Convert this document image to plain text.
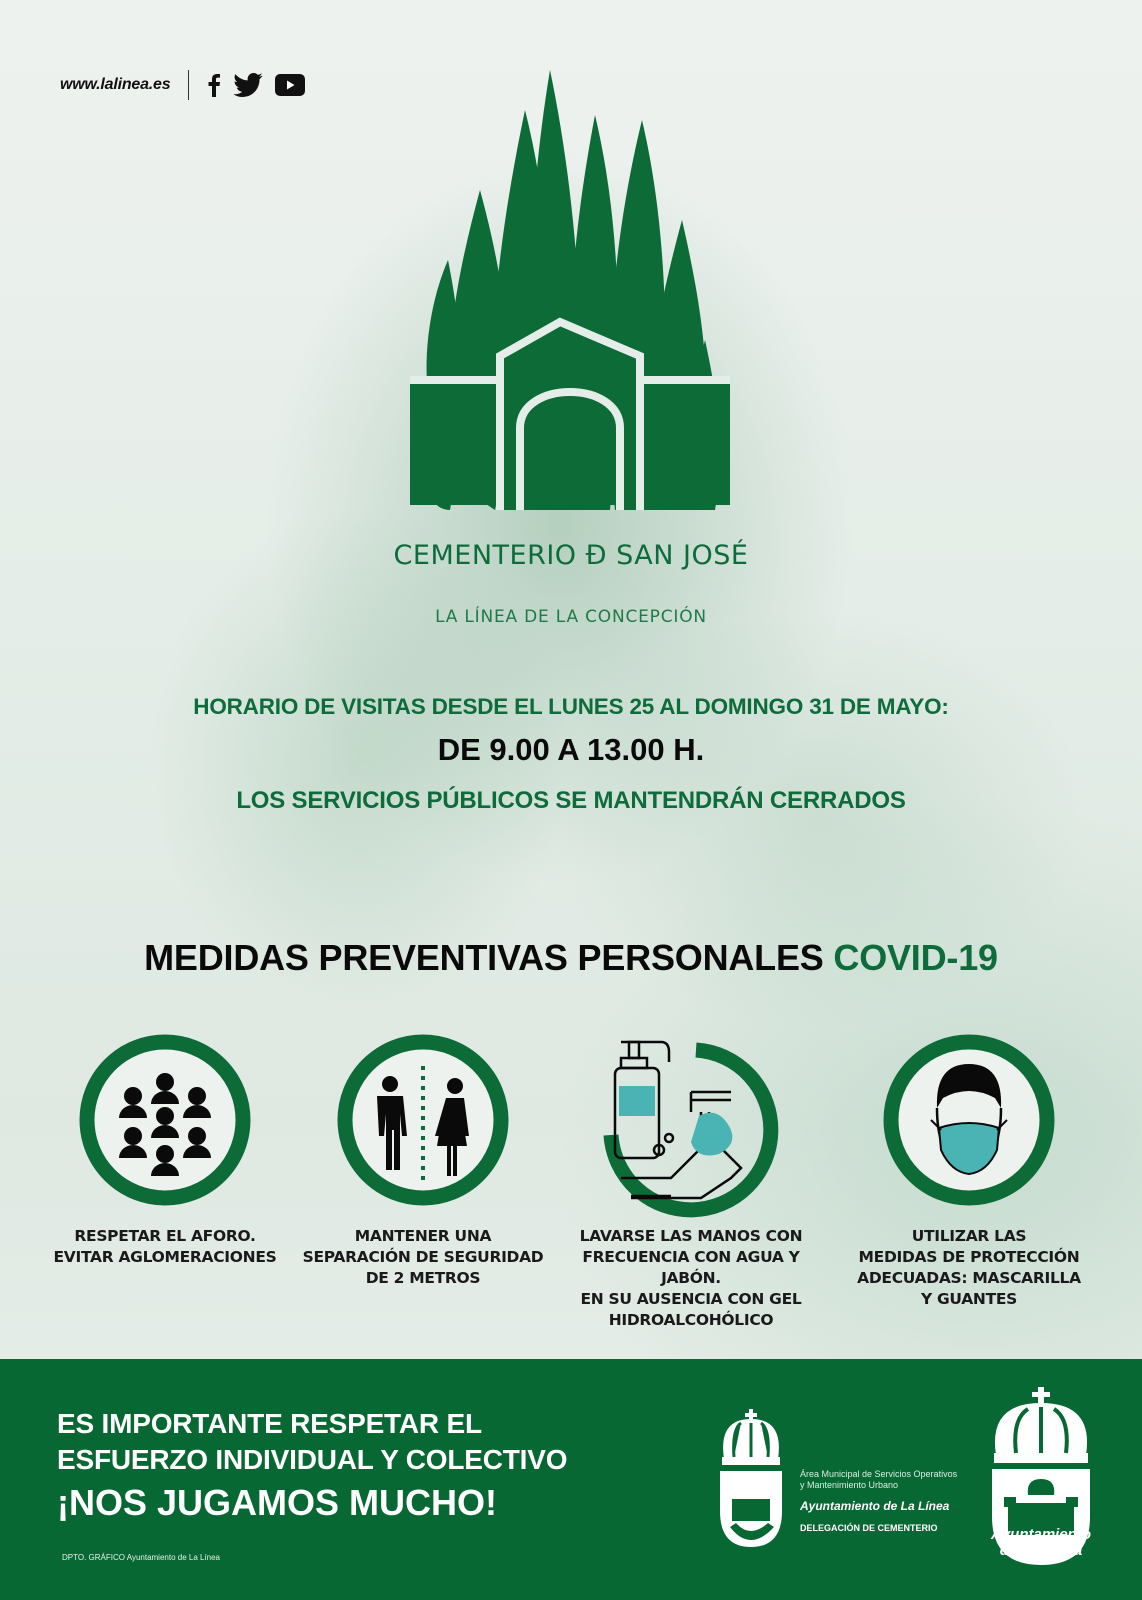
www.lalinea.es
CEMENTERIO Đ SAN JOSÉ
LA LÍNEA DE LA CONCEPCIÓN
HORARIO DE VISITAS DESDE EL LUNES 25 AL DOMINGO 31 DE MAYO:
DE 9.00 A 13.00 H.
LOS SERVICIOS PÚBLICOS SE MANTENDRÁN CERRADOS
MEDIDAS PREVENTIVAS PERSONALES COVID-19
RESPETAR EL AFORO.
EVITAR AGLOMERACIONES
MANTENER UNA
SEPARACIÓN DE SEGURIDAD
DE 2 METROS
LAVARSE LAS MANOS CON
FRECUENCIA CON AGUA Y JABÓN.
EN SU AUSENCIA CON GEL
HIDROALCOHÓLICO
UTILIZAR LAS
MEDIDAS DE PROTECCIÓN
ADECUADAS: MASCARILLA
Y GUANTES
ES IMPORTANTE RESPETAR EL
ESFUERZO INDIVIDUAL Y COLECTIVO
¡NOS JUGAMOS MUCHO!
DPTO. GRÁFICO Ayuntamiento de La Línea
Área Municipal de Servicios Operativos
y Mantenimiento Urbano
Ayuntamiento de La Línea
DELEGACIÓN DE CEMENTERIO	Ayuntamiento
de La Línea
